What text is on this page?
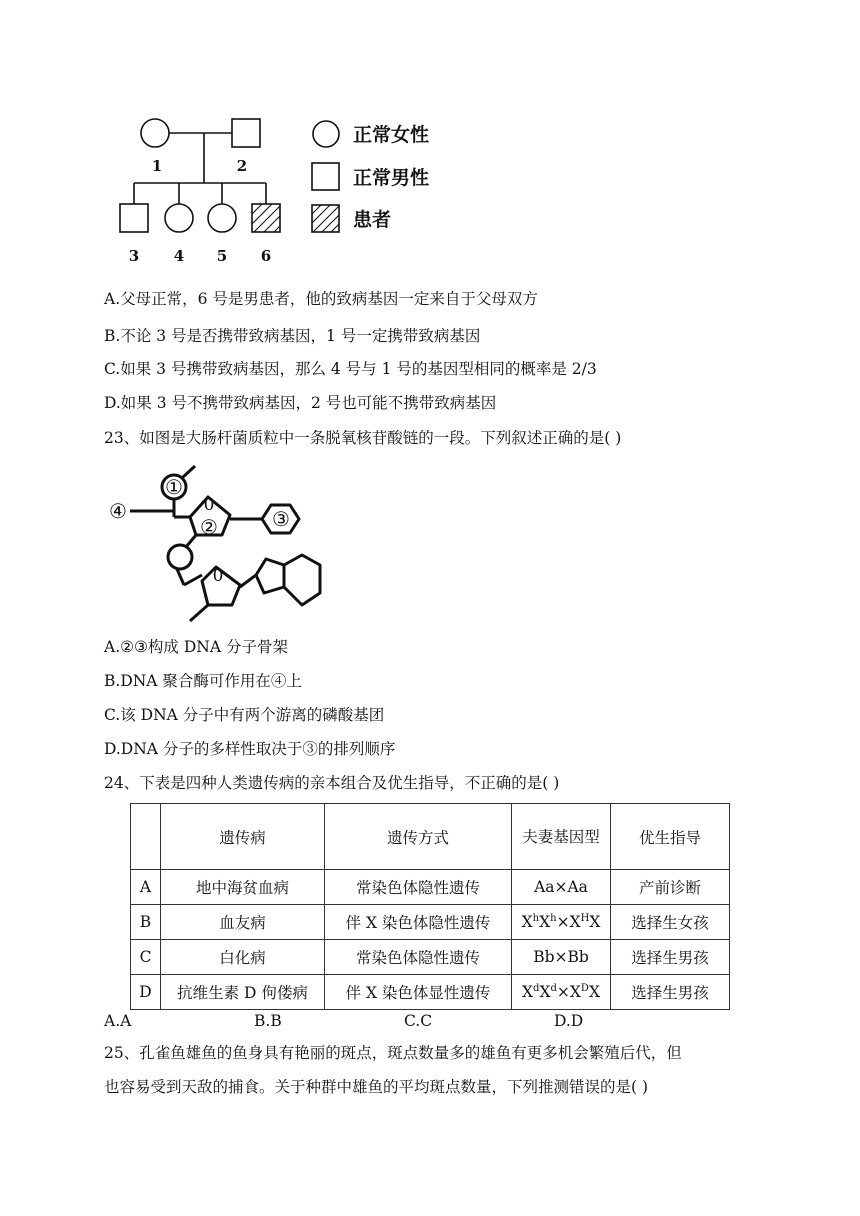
1	2
3 4 5 6
正常女性
正常男性
患者
A.父母正常，6 号是男患者，他的致病基因一定来自于父母双方
B.不论 3 号是否携带致病基因，1 号一定携带致病基因
C.如果 3 号携带致病基因，那么 4 号与 1 号的基因型相同的概率是 2/3
D.如果 3 号不携带致病基因，2 号也可能不携带致病基因
23、如图是大肠杆菌质粒中一条脱氧核苷酸链的一段。下列叙述正确的是( )
①
②	③
④	0
0
A.②③构成 DNA 分子骨架
B.DNA 聚合酶可作用在④上
C.该 DNA 分子中有两个游离的磷酸基团
D.DNA 分子的多样性取决于③的排列顺序
24、下表是四种人类遗传病的亲本组合及优生指导，不正确的是( )
	遗传病	遗传方式	夫妻基因型	优生指导
A	地中海贫血病	常染色体隐性遗传	Aa×Aa	产前诊断
B	血友病	伴 X 染色体隐性遗传	$X^hX^h\times X^HX$	选择生女孩
C	白化病	常染色体隐性遗传	Bb×Bb	选择生男孩
D	抗维生素 D 佝偻病	伴 X 染色体显性遗传	$X^dX^d\times X^DX$	选择生男孩
A.A	B.B	C.C	D.D
25、孔雀鱼雄鱼的鱼身具有艳丽的斑点，斑点数量多的雄鱼有更多机会繁殖后代，但
也容易受到天敌的捕食。关于种群中雄鱼的平均斑点数量，下列推测错误的是( )
